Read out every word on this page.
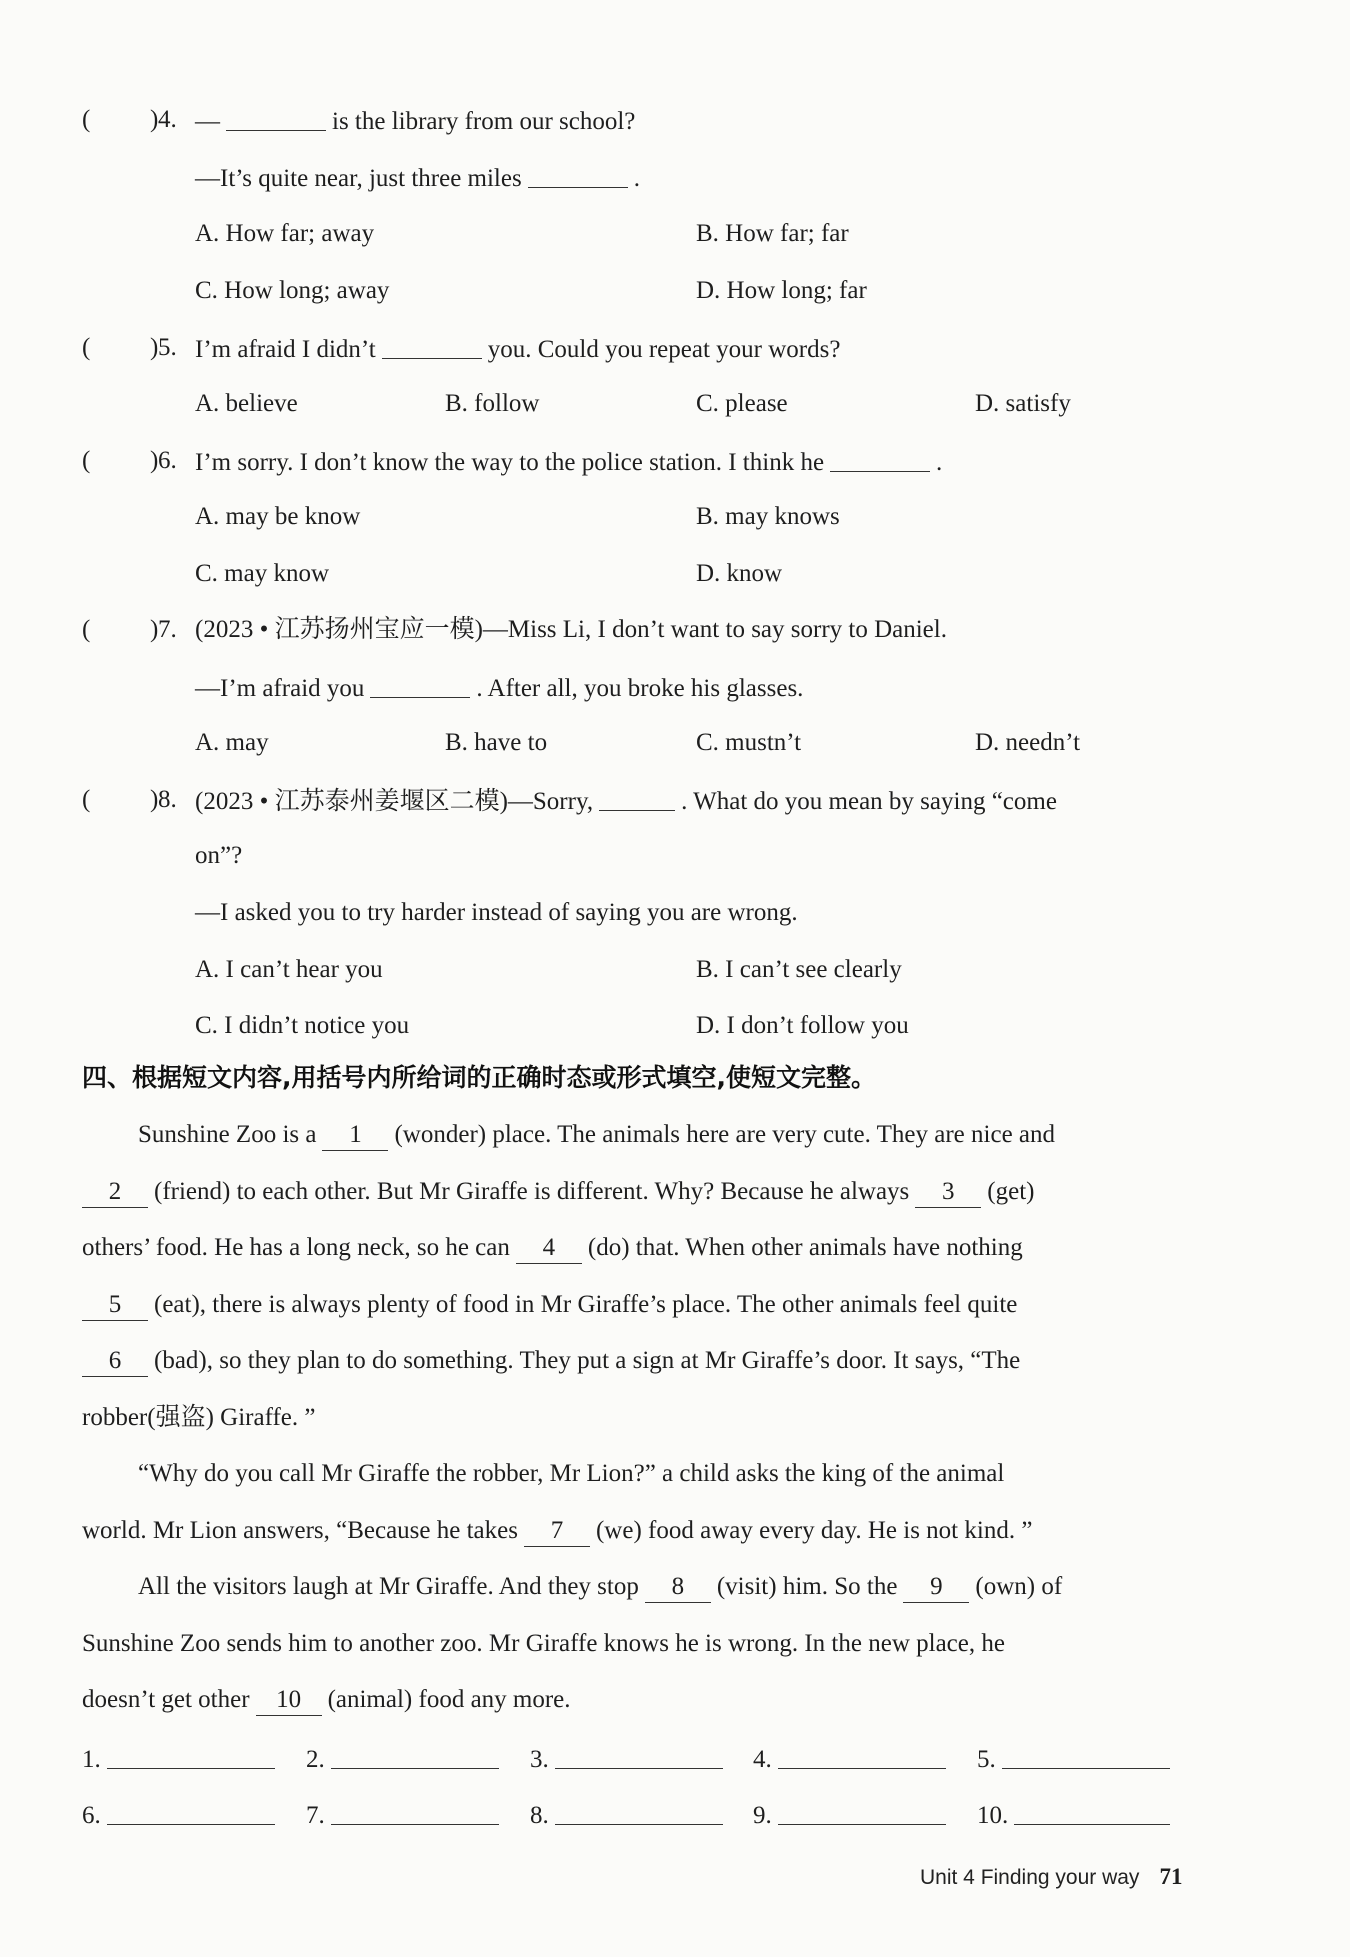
( ) 4. —	is the library from our school?
—It’s quite near, just three miles	.
A. How far; away	B. How far; far
C. How long; away	D. How long; far
( ) 5. I’m afraid I didn’t	you. Could you repeat your words?
A. believe	B. follow	C. please	D. satisfy
( ) 6. I’m sorry. I don’t know the way to the police station. I think he	.
A. may be know	B. may knows
C. may know	D. know
( ) 7. (2023 • 江苏扬州宝应一模)—Miss Li, I don’t want to say sorry to Daniel.
—I’m afraid you	. After all, you broke his glasses.
A. may	B. have to	C. mustn’t	D. needn’t
( ) 8. (2023 • 江苏泰州姜堰区二模)—Sorry,	. What do you mean by saying “come
on”?
—I asked you to try harder instead of saying you are wrong.
A. I can’t hear you	B. I can’t see clearly
C. I didn’t notice you	D. I don’t follow you
四、根据短文内容,用括号内所给词的正确时态或形式填空,使短文完整。
Sunshine Zoo is a 1 (wonder) place. The animals here are very cute. They are nice and
2 (friend) to each other. But Mr Giraffe is different. Why? Because he always 3 (get)
others’ food. He has a long neck, so he can 4 (do) that. When other animals have nothing
5 (eat), there is always plenty of food in Mr Giraffe’s place. The other animals feel quite
6 (bad), so they plan to do something. They put a sign at Mr Giraffe’s door. It says, “The
robber(强盗) Giraffe. ”
“Why do you call Mr Giraffe the robber, Mr Lion?” a child asks the king of the animal
world. Mr Lion answers, “Because he takes 7 (we) food away every day. He is not kind. ”
All the visitors laugh at Mr Giraffe. And they stop 8 (visit) him. So the 9 (own) of
Sunshine Zoo sends him to another zoo. Mr Giraffe knows he is wrong. In the new place, he
doesn’t get other 10 (animal) food any more.
1.	2.	3.	4.	5.
6.	7.	8.	9.	10.
Unit 4 Finding your way 71
